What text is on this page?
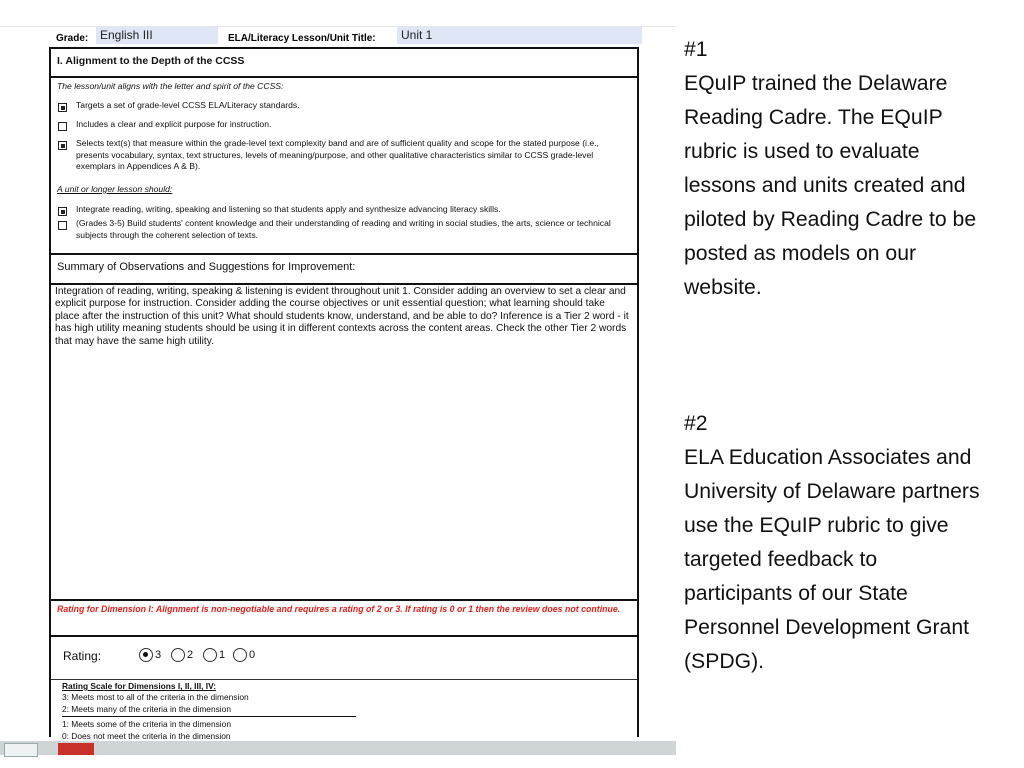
Grade: English III	ELA/Literacy Lesson/Unit Title:	Unit 1
I. Alignment to the Depth of the CCSS
The lesson/unit aligns with the letter and spirit of the CCSS:
Targets a set of grade-level CCSS ELA/Literacy standards.
Includes a clear and explicit purpose for instruction.
Selects text(s) that measure within the grade-level text complexity band and are of sufficient quality and scope for the stated purpose (i.e., presents vocabulary, syntax, text structures, levels of meaning/purpose, and other qualitative characteristics similar to CCSS grade-level exemplars in Appendices A & B).
A unit or longer lesson should:
Integrate reading, writing, speaking and listening so that students apply and synthesize advancing literacy skills.
(Grades 3-5) Build students' content knowledge and their understanding of reading and writing in social studies, the arts, science or technical subjects through the coherent selection of texts.
Summary of Observations and Suggestions for Improvement:
Integration of reading, writing, speaking & listening is evident throughout unit 1. Consider adding an overview to set a clear and explicit purpose for instruction. Consider adding the course objectives or unit essential question; what learning should take place after the instruction of this unit? What should students know, understand, and be able to do? Inference is a Tier 2 word - it has high utility meaning students should be using it in different contexts across the content areas. Check the other Tier 2 words that may have the same high utility.
Rating for Dimension I: Alignment is non-negotiable and requires a rating of 2 or 3. If rating is 0 or 1 then the review does not continue.
Rating:	3 2 1 0
Rating Scale for Dimensions I, II, III, IV:
3: Meets most to all of the criteria in the dimension
2: Meets many of the criteria in the dimension
1: Meets some of the criteria in the dimension
0: Does not meet the criteria in the dimension
#1
EQuIP trained the Delaware Reading Cadre. The EQuIP rubric is used to evaluate lessons and units created and piloted by Reading Cadre to be posted as models on our website.
#2
ELA Education Associates and University of Delaware partners use the EQuIP rubric to give targeted feedback to participants of our State Personnel Development Grant (SPDG).
